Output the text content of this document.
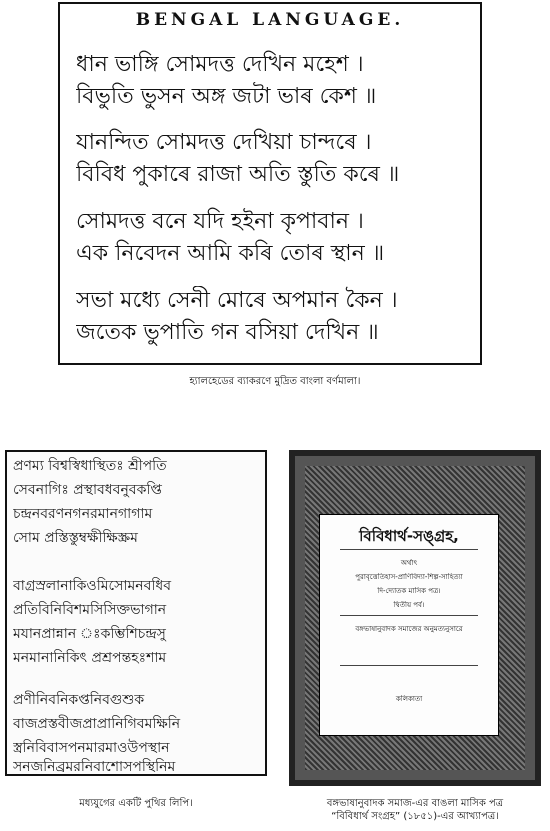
BENGAL LANGUAGE.
ধান ভাঙ্গি সোমদত্ত দেখিন মহেশ ।
বিভুতি ভুসন অঙ্গ জটা ভাৰ কেশ ॥
যানন্দিত সোমদত্ত দেখিয়া চান্দৰে ।
বিবিধ পুকাৰে রাজা অতি স্তুতি কৰে ॥
সোমদত্ত বনে যদি হইনা কৃপাবান ।
এক নিবেদন আমি কৰি তোৰ স্থান ॥
সভা মধ্যে সেনী মোৰে অপমান কৈন ।
জতেক ভুপাতি গন বসিয়া দেখিন ॥
হ্যালহেডের ব্যাকরণে মুদ্রিত বাংলা বর্ণমালা।
প্রণম্য বিশ্বস্বিধাস্থিতঃ শ্রীপতি
সেবনাগিঃ প্রস্থাবধবনুবকপ্তি
চন্দ্রনবরণনগনরমানগাগাম
সোম প্রস্তিস্তুম্বক্ষীক্ষিস্ক্রম
বাগ্রস্রলানাকিওমিসোমনবধিব
প্রতিবিনিবিশমসিসিক্তভাগান
মযানপ্রান্নান ঃকম্ভিশিচন্দ্রসু
মনমানানিকিৎ প্রশ্রপন্তহঃশাম
প্রণীনিবনিকপ্তনিবগুশুক
বাজপ্রস্তবীজপ্রাপ্রানিগিবমক্ষিনি
স্ত্রনিবিবাসপনমারমাওউপস্থান
সনজনিব্রমরনিবাশোসপস্থিনিম
মধ্যযুগের একটি পুথির লিপি।
বিবিধার্থ-সঙ্গ্রহ,
অর্থাৎ
পুরাবৃত্তেতিহাস-প্রাণিবিদ্যা-শিল্প-সাহিত্যা
দি-দ্যোতক মাসিক পত্র।
দ্বিতীয় পর্ব।
বঙ্গভাষানুবাদক সমাজের অনুমত্যনুসারে
কলিকাতা
বঙ্গভাষানুবাদক সমাজ-এর বাঙলা মাসিক পত্র
“বিবিধার্থ সংগ্রহ” (১৮৫১)-এর আখ্যাপত্র।
